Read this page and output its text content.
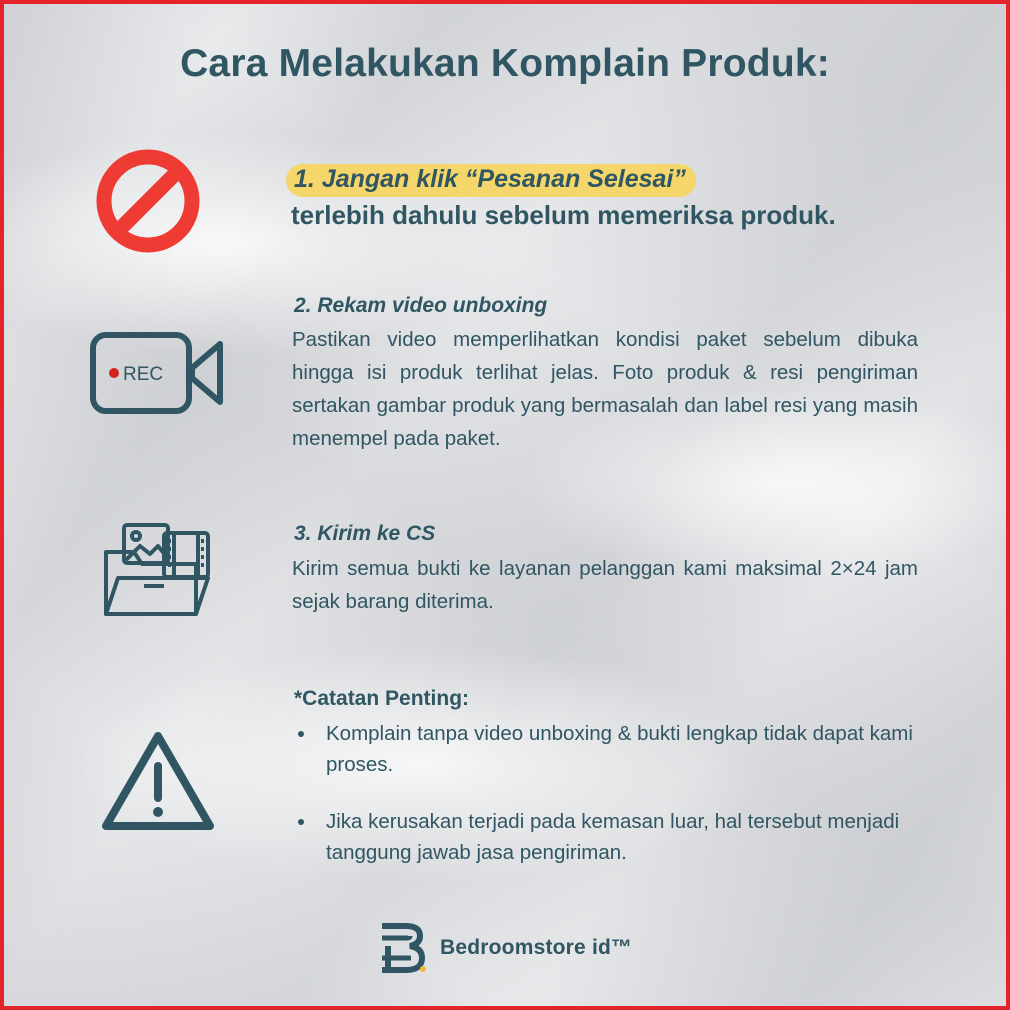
Cara Melakukan Komplain Produk:
1. Jangan klik “Pesanan Selesai”
terlebih dahulu sebelum memeriksa produk.
REC
2. Rekam video unboxing
Pastikan video memperlihatkan kondisi paket sebelum dibuka hingga isi produk terlihat jelas. Foto produk & resi pengiriman sertakan gambar produk yang bermasalah dan label resi yang masih menempel pada paket.
3. Kirim ke CS
Kirim semua bukti ke layanan pelanggan kami maksimal 2×24 jam sejak barang diterima.
*Catatan Penting:
Komplain tanpa video unboxing & bukti lengkap tidak dapat kami proses.
Jika kerusakan terjadi pada kemasan luar, hal tersebut menjadi tanggung jawab jasa pengiriman.
Bedroomstore id™
